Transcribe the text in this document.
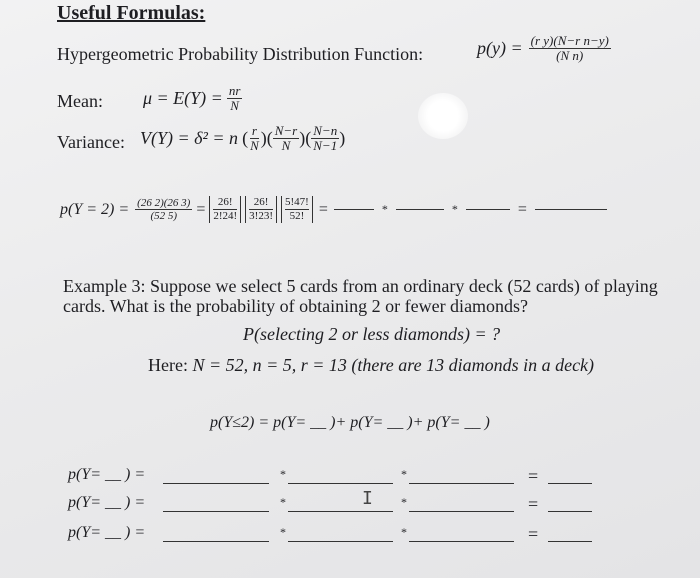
Useful Formulas:
Hypergeometric Probability Distribution Function:	$p(y) = \frac{\text{(r y)(N−r n−y)}}{\text{(N n)}}$
Mean: $\mu = E(Y) = \frac{nr}{N}$
Variance: V(Y) = δ² = n ( $\frac{r}{N}$ ) ( $\frac{N-r}{N}$ ) ( $\frac{N-n}{N-1}$ )
$p(Y = 2) = \frac{(26 2)(26 3)}{(52 5)} = \frac{26!}{2!24!} \frac{26!}{3!23!} \frac{5!47!}{52!}$ =	*	*	=
Example 3: Suppose we select 5 cards from an ordinary deck (52 cards) of playing
cards. What is the probability of obtaining 2 or fewer diamonds?
P(selecting 2 or less diamonds) = ?
Here: N = 52, n = 5, r = 13 (there are 13 diamonds in a deck)
p(Y≤2) = p(Y= __ )+ p(Y= __ )+ p(Y= __ )
p(Y= __ ) =	*	*	=
p(Y= __ ) =	*	I *	=
p(Y= __ ) =	*	*	=
